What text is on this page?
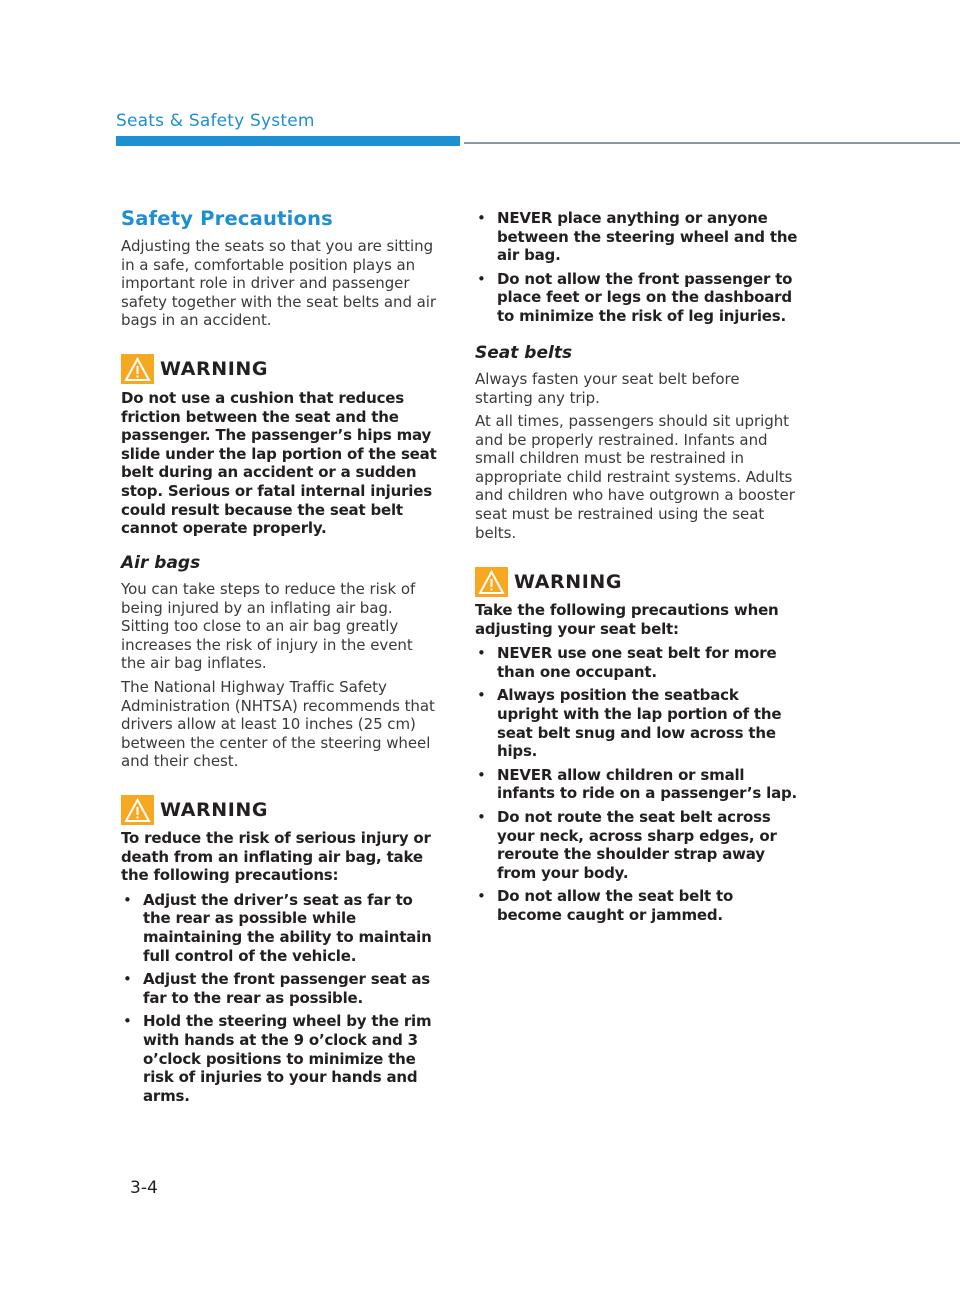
Seats & Safety System
Safety Precautions

Adjusting the seats so that you are sitting in a safe, comfortable position plays an important role in driver and passenger safety together with the seat belts and air bags in an accident.

WARNING

Do not use a cushion that reduces friction between the seat and the passenger. The passenger’s hips may slide under the lap portion of the seat belt during an accident or a sudden stop. Serious or fatal internal injuries could result because the seat belt cannot operate properly.

Air bags

You can take steps to reduce the risk of being injured by an inflating air bag. Sitting too close to an air bag greatly increases the risk of injury in the event the air bag inflates.

The National Highway Traffic Safety Administration (NHTSA) recommends that drivers allow at least 10 inches (25 cm) between the center of the steering wheel and their chest.

WARNING

To reduce the risk of serious injury or death from an inflating air bag, take the following precautions:

• Adjust the driver’s seat as far to the rear as possible while maintaining the ability to maintain full control of the vehicle.
• Adjust the front passenger seat as far to the rear as possible.
• Hold the steering wheel by the rim with hands at the 9 o’clock and 3 o’clock positions to minimize the risk of injuries to your hands and arms.
• NEVER place anything or anyone between the steering wheel and the air bag.
• Do not allow the front passenger to place feet or legs on the dashboard to minimize the risk of leg injuries.
Seat belts

Always fasten your seat belt before starting any trip.

At all times, passengers should sit upright and be properly restrained. Infants and small children must be restrained in appropriate child restraint systems. Adults and children who have outgrown a booster seat must be restrained using the seat belts.

WARNING

Take the following precautions when adjusting your seat belt:

• NEVER use one seat belt for more than one occupant.
• Always position the seatback upright with the lap portion of the seat belt snug and low across the hips.
• NEVER allow children or small infants to ride on a passenger’s lap.
• Do not route the seat belt across your neck, across sharp edges, or reroute the shoulder strap away from your body.
• Do not allow the seat belt to become caught or jammed.
3-4
